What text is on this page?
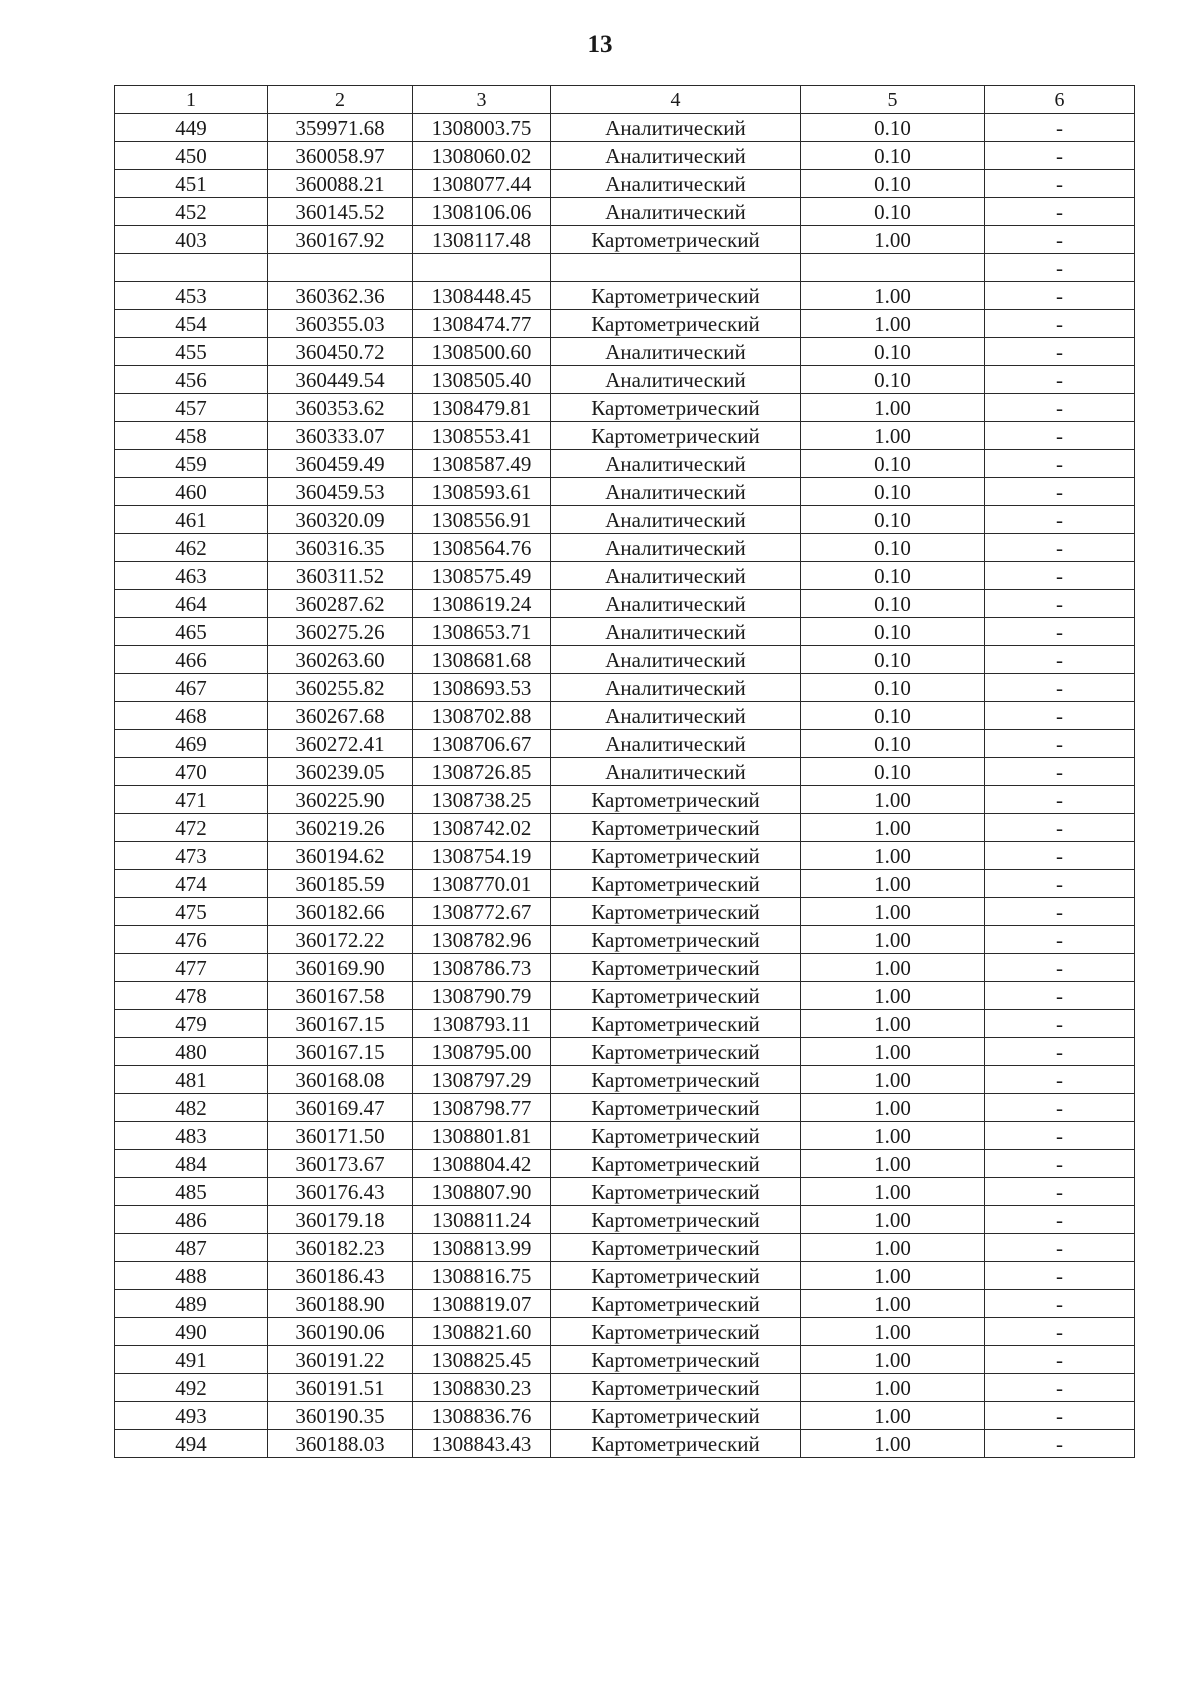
13
1	2	3	4	5	6
449	359971.68	1308003.75	Аналитический	0.10	-
450	360058.97	1308060.02	Аналитический	0.10	-
451	360088.21	1308077.44	Аналитический	0.10	-
452	360145.52	1308106.06	Аналитический	0.10	-
403	360167.92	1308117.48	Картометрический	1.00	-
					-
453	360362.36	1308448.45	Картометрический	1.00	-
454	360355.03	1308474.77	Картометрический	1.00	-
455	360450.72	1308500.60	Аналитический	0.10	-
456	360449.54	1308505.40	Аналитический	0.10	-
457	360353.62	1308479.81	Картометрический	1.00	-
458	360333.07	1308553.41	Картометрический	1.00	-
459	360459.49	1308587.49	Аналитический	0.10	-
460	360459.53	1308593.61	Аналитический	0.10	-
461	360320.09	1308556.91	Аналитический	0.10	-
462	360316.35	1308564.76	Аналитический	0.10	-
463	360311.52	1308575.49	Аналитический	0.10	-
464	360287.62	1308619.24	Аналитический	0.10	-
465	360275.26	1308653.71	Аналитический	0.10	-
466	360263.60	1308681.68	Аналитический	0.10	-
467	360255.82	1308693.53	Аналитический	0.10	-
468	360267.68	1308702.88	Аналитический	0.10	-
469	360272.41	1308706.67	Аналитический	0.10	-
470	360239.05	1308726.85	Аналитический	0.10	-
471	360225.90	1308738.25	Картометрический	1.00	-
472	360219.26	1308742.02	Картометрический	1.00	-
473	360194.62	1308754.19	Картометрический	1.00	-
474	360185.59	1308770.01	Картометрический	1.00	-
475	360182.66	1308772.67	Картометрический	1.00	-
476	360172.22	1308782.96	Картометрический	1.00	-
477	360169.90	1308786.73	Картометрический	1.00	-
478	360167.58	1308790.79	Картометрический	1.00	-
479	360167.15	1308793.11	Картометрический	1.00	-
480	360167.15	1308795.00	Картометрический	1.00	-
481	360168.08	1308797.29	Картометрический	1.00	-
482	360169.47	1308798.77	Картометрический	1.00	-
483	360171.50	1308801.81	Картометрический	1.00	-
484	360173.67	1308804.42	Картометрический	1.00	-
485	360176.43	1308807.90	Картометрический	1.00	-
486	360179.18	1308811.24	Картометрический	1.00	-
487	360182.23	1308813.99	Картометрический	1.00	-
488	360186.43	1308816.75	Картометрический	1.00	-
489	360188.90	1308819.07	Картометрический	1.00	-
490	360190.06	1308821.60	Картометрический	1.00	-
491	360191.22	1308825.45	Картометрический	1.00	-
492	360191.51	1308830.23	Картометрический	1.00	-
493	360190.35	1308836.76	Картометрический	1.00	-
494	360188.03	1308843.43	Картометрический	1.00	-
